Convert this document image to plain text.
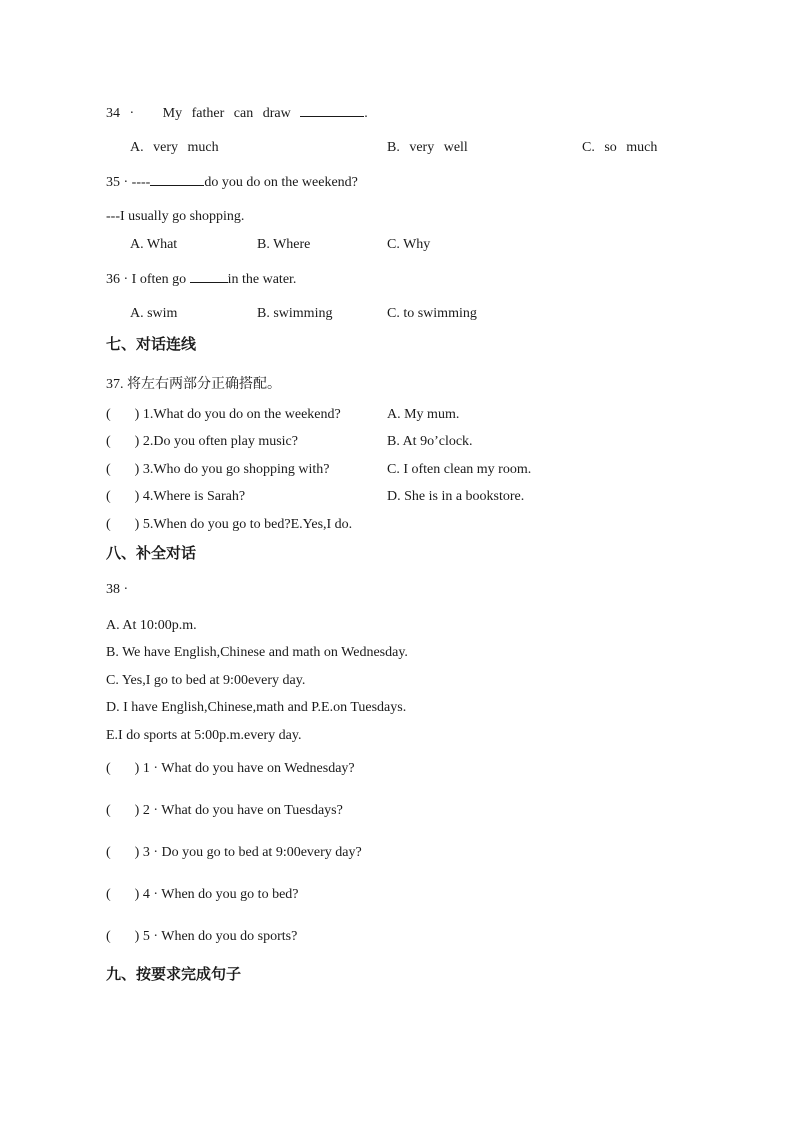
34 · My father can draw	.
A. very much	B. very well	C. so much
35 · ----	do you do on the weekend?
---I usually go shopping.
A. What	B. Where	C. Why
36 · I often go	in the water.
A. swim	B. swimming	C. to swimming
七、对话连线
37. 将左右两部分正确搭配。
( ) 1.What do you do on the weekend?	A. My mum.
( ) 2.Do you often play music?	B. At 9o’clock.
( ) 3.Who do you go shopping with?	C. I often clean my room.
( ) 4.Where is Sarah?	D. She is in a bookstore.
( ) 5.When do you go to bed?E.Yes,I do.
八、补全对话
38 ·
A. At 10:00p.m.
B. We have English,Chinese and math on Wednesday.
C. Yes,I go to bed at 9:00every day.
D. I have English,Chinese,math and P.E.on Tuesdays.
E.I do sports at 5:00p.m.every day.
( ) 1 · What do you have on Wednesday?
( ) 2 · What do you have on Tuesdays?
( ) 3 · Do you go to bed at 9:00every day?
( ) 4 · When do you go to bed?
( ) 5 · When do you do sports?
九、按要求完成句子
